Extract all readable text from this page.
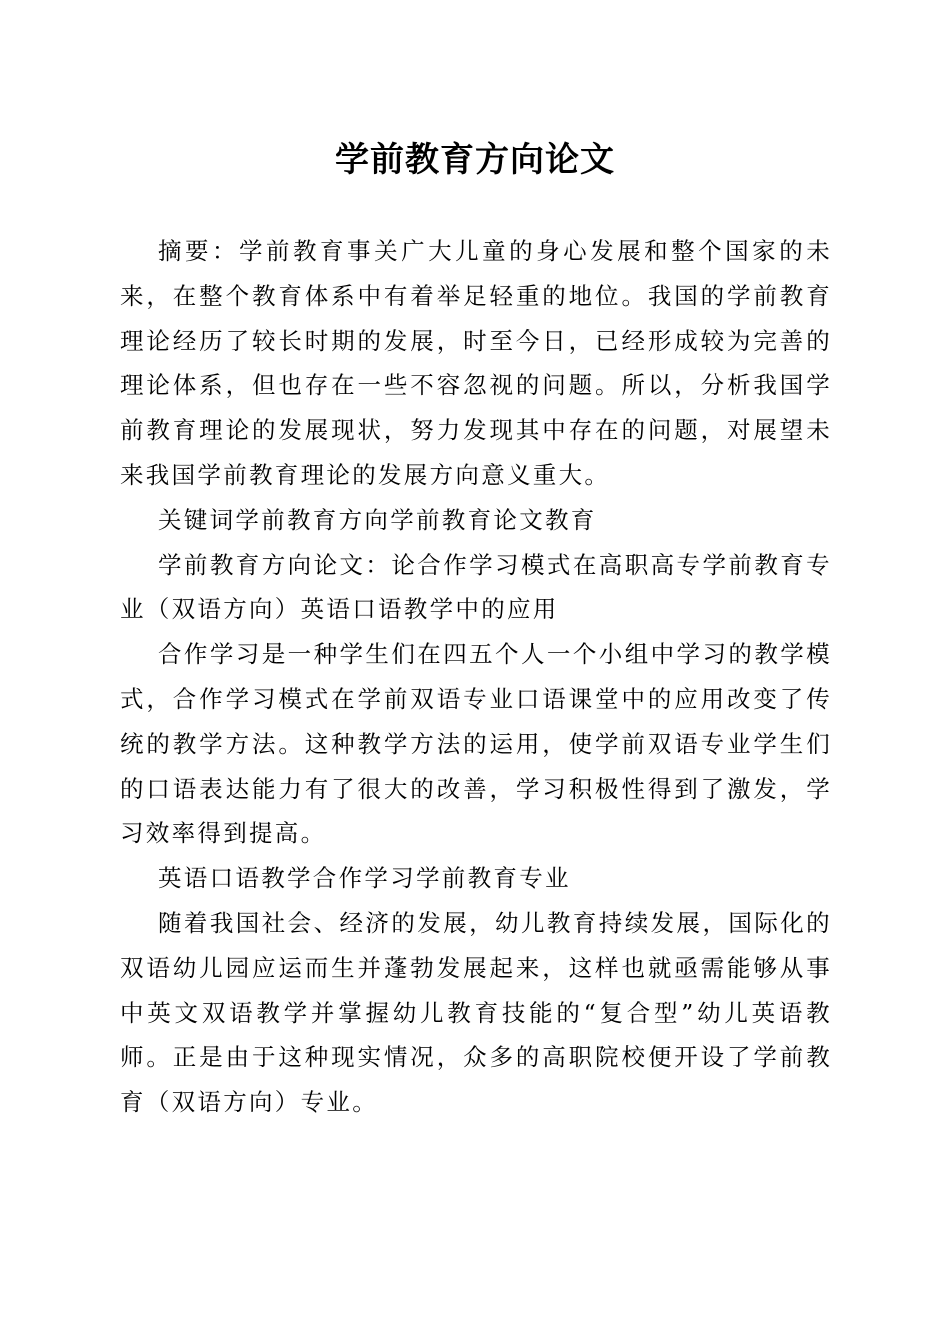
学前教育方向论文

摘要：学前教育事关广大儿童的身心发展和整个国家的未来，在整个教育体系中有着举足轻重的地位。我国的学前教育理论经历了较长时期的发展，时至今日，已经形成较为完善的理论体系，但也存在一些不容忽视的问题。所以，分析我国学前教育理论的发展现状，努力发现其中存在的问题，对展望未来我国学前教育理论的发展方向意义重大。

关键词学前教育方向学前教育论文教育

学前教育方向论文：论合作学习模式在高职高专学前教育专业（双语方向）英语口语教学中的应用

合作学习是一种学生们在四五个人一个小组中学习的教学模式，合作学习模式在学前双语专业口语课堂中的应用改变了传统的教学方法。这种教学方法的运用，使学前双语专业学生们的口语表达能力有了很大的改善，学习积极性得到了激发，学习效率得到提高。

英语口语教学合作学习学前教育专业

随着我国社会、经济的发展，幼儿教育持续发展，国际化的双语幼儿园应运而生并蓬勃发展起来，这样也就亟需能够从事中英文双语教学并掌握幼儿教育技能的“复合型”幼儿英语教师。正是由于这种现实情况，众多的高职院校便开设了学前教育（双语方向）专业。
